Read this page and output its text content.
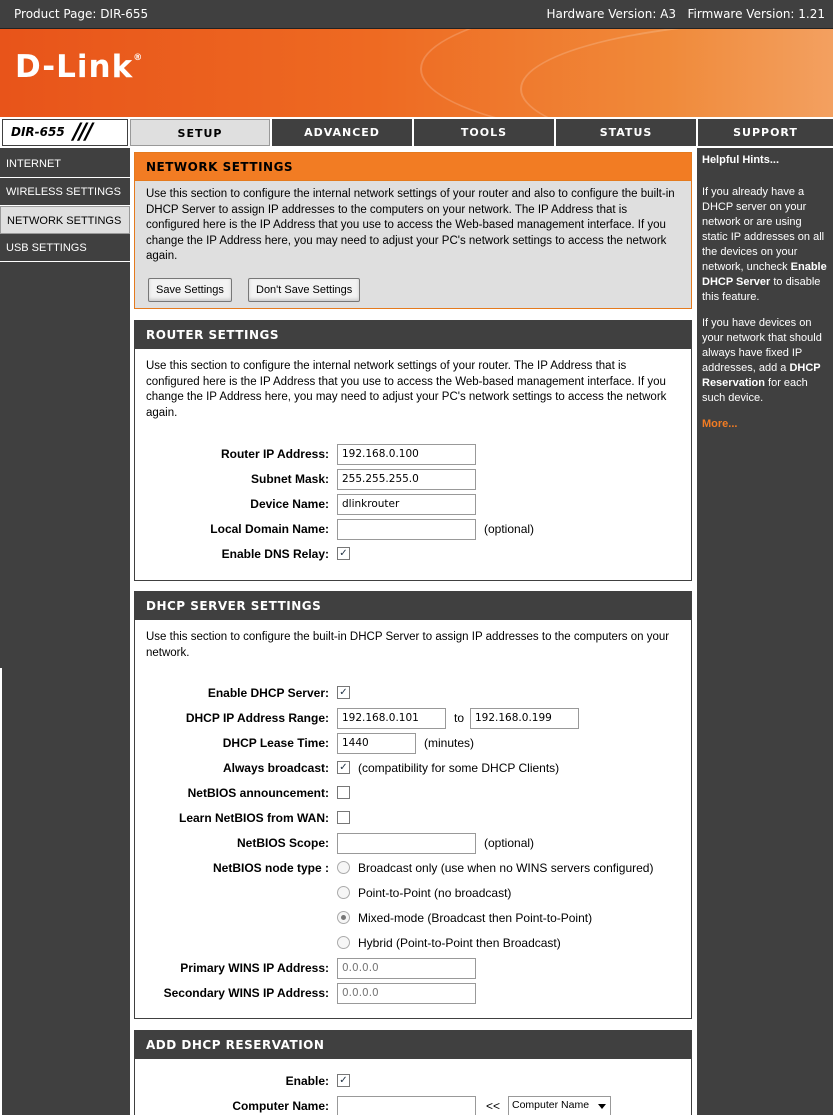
Product Page: DIR-655	Hardware Version: A3 Firmware Version: 1.21
D-Link®
DIR-655 ///	SETUP	ADVANCED	TOOLS	STATUS	SUPPORT
INTERNET
WIRELESS SETTINGS
NETWORK SETTINGS
USB SETTINGS
NETWORK SETTINGS
Use this section to configure the internal network settings of your router and also to configure the built-in DHCP Server to assign IP addresses to the computers on your network. The IP Address that is configured here is the IP Address that you use to access the Web-based management interface. If you change the IP Address here, you may need to adjust your PC's network settings to access the network again.
Save Settings	Don't Save Settings
ROUTER SETTINGS
Use this section to configure the internal network settings of your router. The IP Address that is configured here is the IP Address that you use to access the Web-based management interface. If you change the IP Address here, you may need to adjust your PC's network settings to access the network again.
Router IP Address:	192.168.0.100
Subnet Mask:	255.255.255.0
Device Name:	dlinkrouter
Local Domain Name:	(optional)
Enable DNS Relay: ✓
DHCP SERVER SETTINGS
Use this section to configure the built-in DHCP Server to assign IP addresses to the computers on your network.
Enable DHCP Server: ✓
DHCP IP Address Range:	192.168.0.101	to	192.168.0.199
DHCP Lease Time:	1440	(minutes)
Always broadcast: ✓ (compatibility for some DHCP Clients)
NetBIOS announcement:
Learn NetBIOS from WAN:
NetBIOS Scope:	(optional)
NetBIOS node type : Broadcast only (use when no WINS servers configured)
Point-to-Point (no broadcast)
Mixed-mode (Broadcast then Point-to-Point)
Hybrid (Point-to-Point then Broadcast)
Primary WINS IP Address:	0.0.0.0
Secondary WINS IP Address:	0.0.0.0
ADD DHCP RESERVATION
Enable: ✓
Computer Name:	<<	Computer Name
Helpful Hints...

If you already have a DHCP server on your network or are using static IP addresses on all the devices on your network, uncheck Enable DHCP Server to disable this feature.

If you have devices on your network that should always have fixed IP addresses, add a DHCP Reservation for each such device.

More...
